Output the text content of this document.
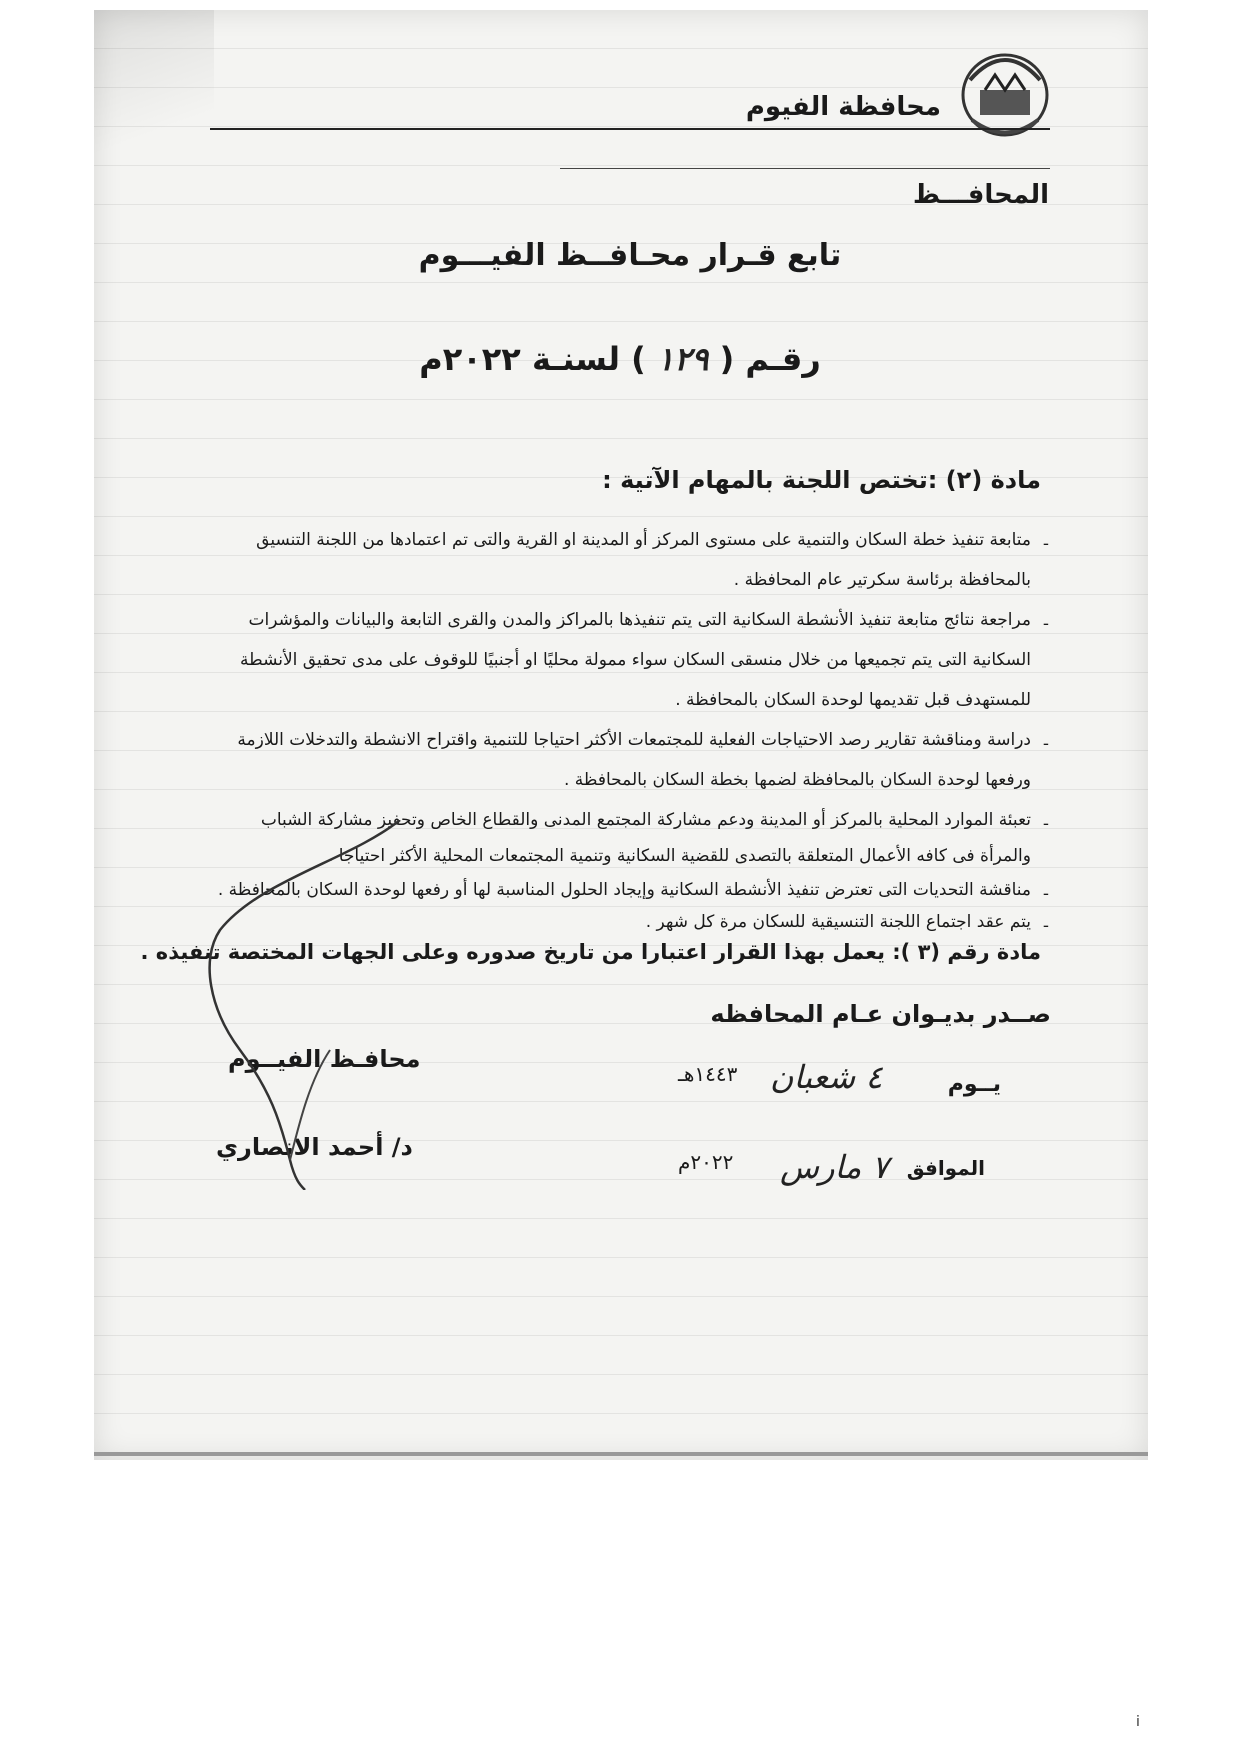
محافظة الفيوم
المحافـــظ
تابع قـرار محـافــظ الفيـــوم
رقـم ( ١٢٩ ) لسنـة ٢٠٢٢م
مادة (٢) :تختص اللجنة بالمهام الآتية :
-
متابعة تنفيذ خطة السكان والتنمية على مستوى المركز أو المدينة او القرية والتى تم اعتمادها من اللجنة التنسيق
بالمحافظة برئاسة سكرتير عام المحافظة .
-
مراجعة نتائج متابعة تنفيذ الأنشطة السكانية التى يتم تنفيذها بالمراكز والمدن والقرى التابعة والبيانات والمؤشرات
السكانية التى يتم تجميعها من خلال منسقى السكان سواء ممولة محليًا او أجنبيًا للوقوف على مدى تحقيق الأنشطة
للمستهدف قبل تقديمها لوحدة السكان بالمحافظة .
-
دراسة ومناقشة تقارير رصد الاحتياجات الفعلية للمجتمعات الأكثر احتياجا للتنمية واقتراح الانشطة والتدخلات اللازمة
ورفعها لوحدة السكان بالمحافظة لضمها بخطة السكان بالمحافظة .
-
تعبئة الموارد المحلية بالمركز أو المدينة ودعم مشاركة المجتمع المدنى والقطاع الخاص وتحفيز مشاركة الشباب
والمرأة فى كافه الأعمال المتعلقة بالتصدى للقضية السكانية وتنمية المجتمعات المحلية الأكثر احتياجا .
-
مناقشة التحديات التى تعترض تنفيذ الأنشطة السكانية وإيجاد الحلول المناسبة لها أو رفعها لوحدة السكان بالمحافظة .
-
يتم عقد اجتماع اللجنة التنسيقية للسكان مرة كل شهر .
مادة رقم (٣ ): يعمل بهذا القرار اعتبارا من تاريخ صدوره وعلى الجهات المختصة تنفيذه .
صــدر بديـوان عـام المحافظه
يــوم
٤ شعبان
١٤٤٣هـ
الموافق
٧ مارس
٢٠٢٢م
محافـظ الفيــوم
د/ أحمد الانصاري
i
